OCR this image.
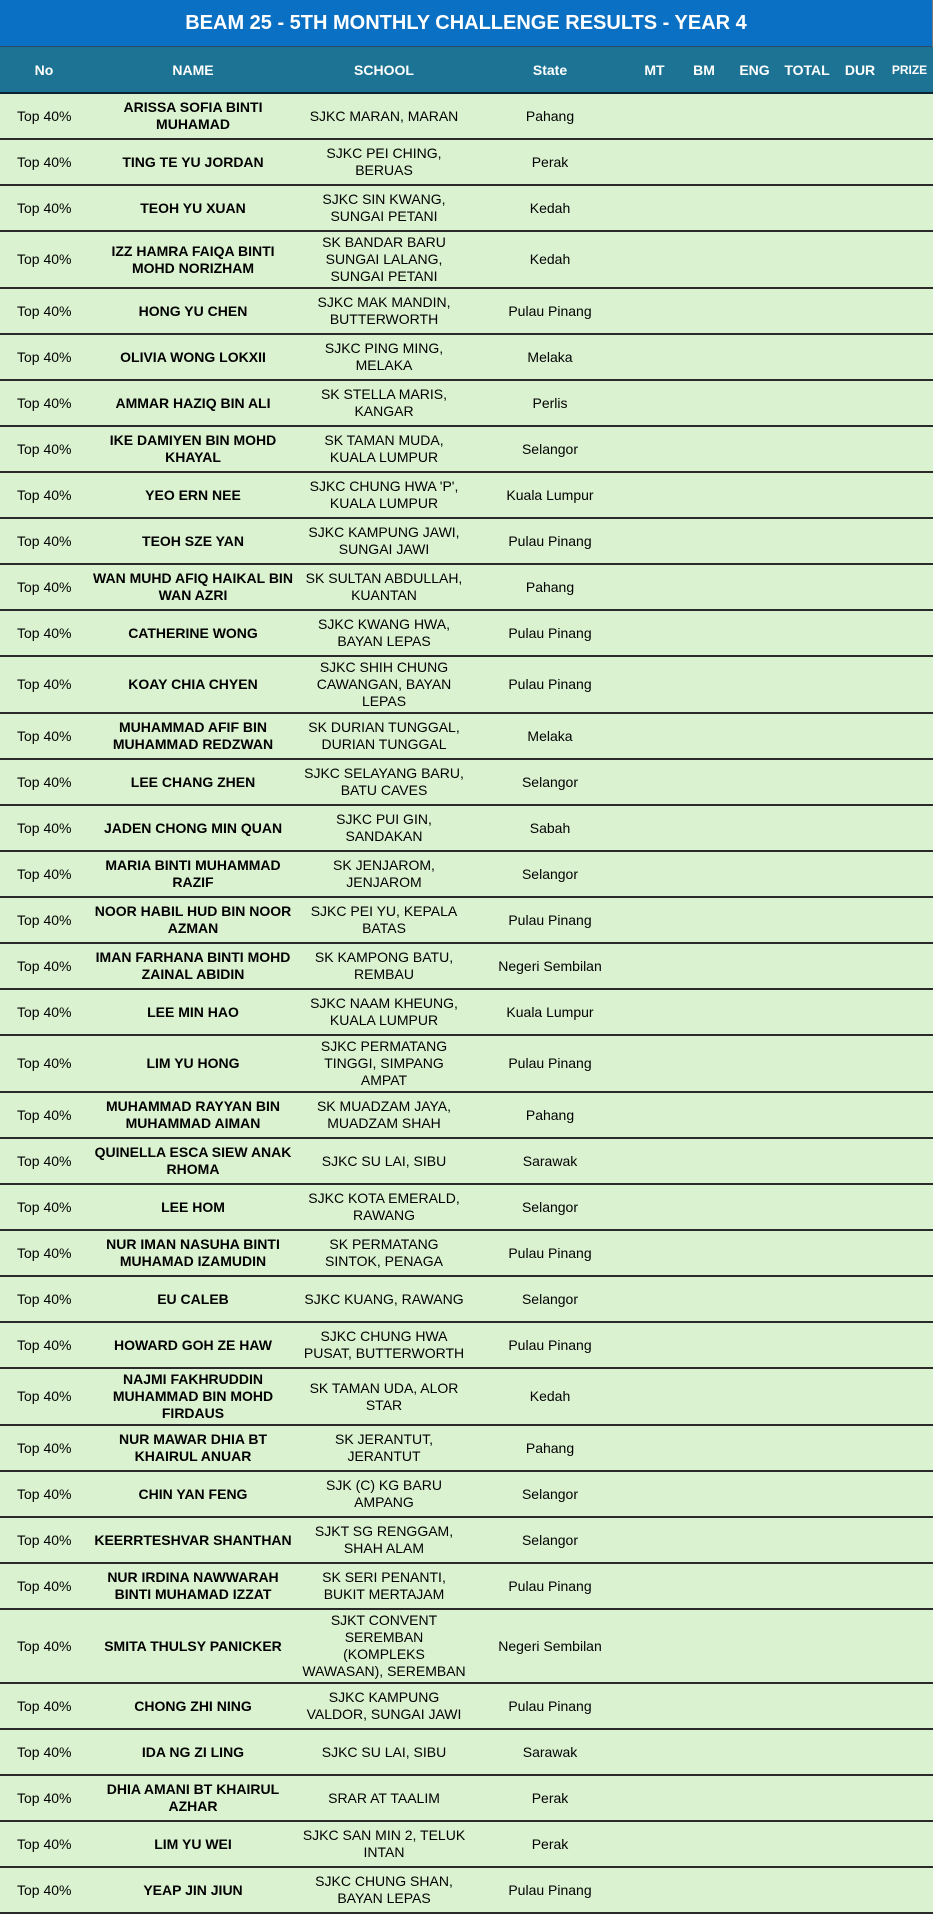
BEAM 25 - 5TH MONTHLY CHALLENGE RESULTS - YEAR 4
No	NAME	SCHOOL	State	MT	BM	ENG	TOTAL	DUR	PRIZE
Top 40%	ARISSA SOFIA BINTI MUHAMAD	SJKC MARAN, MARAN	Pahang						
Top 40%	TING TE YU JORDAN	SJKC PEI CHING, BERUAS	Perak						
Top 40%	TEOH YU XUAN	SJKC SIN KWANG, SUNGAI PETANI	Kedah						
Top 40%	IZZ HAMRA FAIQA BINTI MOHD NORIZHAM	SK BANDAR BARU SUNGAI LALANG, SUNGAI PETANI	Kedah						
Top 40%	HONG YU CHEN	SJKC MAK MANDIN, BUTTERWORTH	Pulau Pinang						
Top 40%	OLIVIA WONG LOKXII	SJKC PING MING, MELAKA	Melaka						
Top 40%	AMMAR HAZIQ BIN ALI	SK STELLA MARIS, KANGAR	Perlis						
Top 40%	IKE DAMIYEN BIN MOHD KHAYAL	SK TAMAN MUDA, KUALA LUMPUR	Selangor						
Top 40%	YEO ERN NEE	SJKC CHUNG HWA 'P', KUALA LUMPUR	Kuala Lumpur						
Top 40%	TEOH SZE YAN	SJKC KAMPUNG JAWI, SUNGAI JAWI	Pulau Pinang						
Top 40%	WAN MUHD AFIQ HAIKAL BIN WAN AZRI	SK SULTAN ABDULLAH, KUANTAN	Pahang						
Top 40%	CATHERINE WONG	SJKC KWANG HWA, BAYAN LEPAS	Pulau Pinang						
Top 40%	KOAY CHIA CHYEN	SJKC SHIH CHUNG CAWANGAN, BAYAN LEPAS	Pulau Pinang						
Top 40%	MUHAMMAD AFIF BIN MUHAMMAD REDZWAN	SK DURIAN TUNGGAL, DURIAN TUNGGAL	Melaka						
Top 40%	LEE CHANG ZHEN	SJKC SELAYANG BARU, BATU CAVES	Selangor						
Top 40%	JADEN CHONG MIN QUAN	SJKC PUI GIN, SANDAKAN	Sabah						
Top 40%	MARIA BINTI MUHAMMAD RAZIF	SK JENJAROM, JENJAROM	Selangor						
Top 40%	NOOR HABIL HUD BIN NOOR AZMAN	SJKC PEI YU, KEPALA BATAS	Pulau Pinang						
Top 40%	IMAN FARHANA BINTI MOHD ZAINAL ABIDIN	SK KAMPONG BATU, REMBAU	Negeri Sembilan						
Top 40%	LEE MIN HAO	SJKC NAAM KHEUNG, KUALA LUMPUR	Kuala Lumpur						
Top 40%	LIM YU HONG	SJKC PERMATANG TINGGI, SIMPANG AMPAT	Pulau Pinang						
Top 40%	MUHAMMAD RAYYAN BIN MUHAMMAD AIMAN	SK MUADZAM JAYA, MUADZAM SHAH	Pahang						
Top 40%	QUINELLA ESCA SIEW ANAK RHOMA	SJKC SU LAI, SIBU	Sarawak						
Top 40%	LEE HOM	SJKC KOTA EMERALD, RAWANG	Selangor						
Top 40%	NUR IMAN NASUHA BINTI MUHAMAD IZAMUDIN	SK PERMATANG SINTOK, PENAGA	Pulau Pinang						
Top 40%	EU CALEB	SJKC KUANG, RAWANG	Selangor						
Top 40%	HOWARD GOH ZE HAW	SJKC CHUNG HWA PUSAT, BUTTERWORTH	Pulau Pinang						
Top 40%	NAJMI FAKHRUDDIN MUHAMMAD BIN MOHD FIRDAUS	SK TAMAN UDA, ALOR STAR	Kedah						
Top 40%	NUR MAWAR DHIA BT KHAIRUL ANUAR	SK JERANTUT, JERANTUT	Pahang						
Top 40%	CHIN YAN FENG	SJK (C) KG BARU AMPANG	Selangor						
Top 40%	KEERRTESHVAR SHANTHAN	SJKT SG RENGGAM, SHAH ALAM	Selangor						
Top 40%	NUR IRDINA NAWWARAH BINTI MUHAMAD IZZAT	SK SERI PENANTI, BUKIT MERTAJAM	Pulau Pinang						
Top 40%	SMITA THULSY PANICKER	SJKT CONVENT SEREMBAN (KOMPLEKS WAWASAN), SEREMBAN	Negeri Sembilan						
Top 40%	CHONG ZHI NING	SJKC KAMPUNG VALDOR, SUNGAI JAWI	Pulau Pinang						
Top 40%	IDA NG ZI LING	SJKC SU LAI, SIBU	Sarawak						
Top 40%	DHIA AMANI BT KHAIRUL AZHAR	SRAR AT TAALIM	Perak						
Top 40%	LIM YU WEI	SJKC SAN MIN 2, TELUK INTAN	Perak						
Top 40%	YEAP JIN JIUN	SJKC CHUNG SHAN, BAYAN LEPAS	Pulau Pinang						
